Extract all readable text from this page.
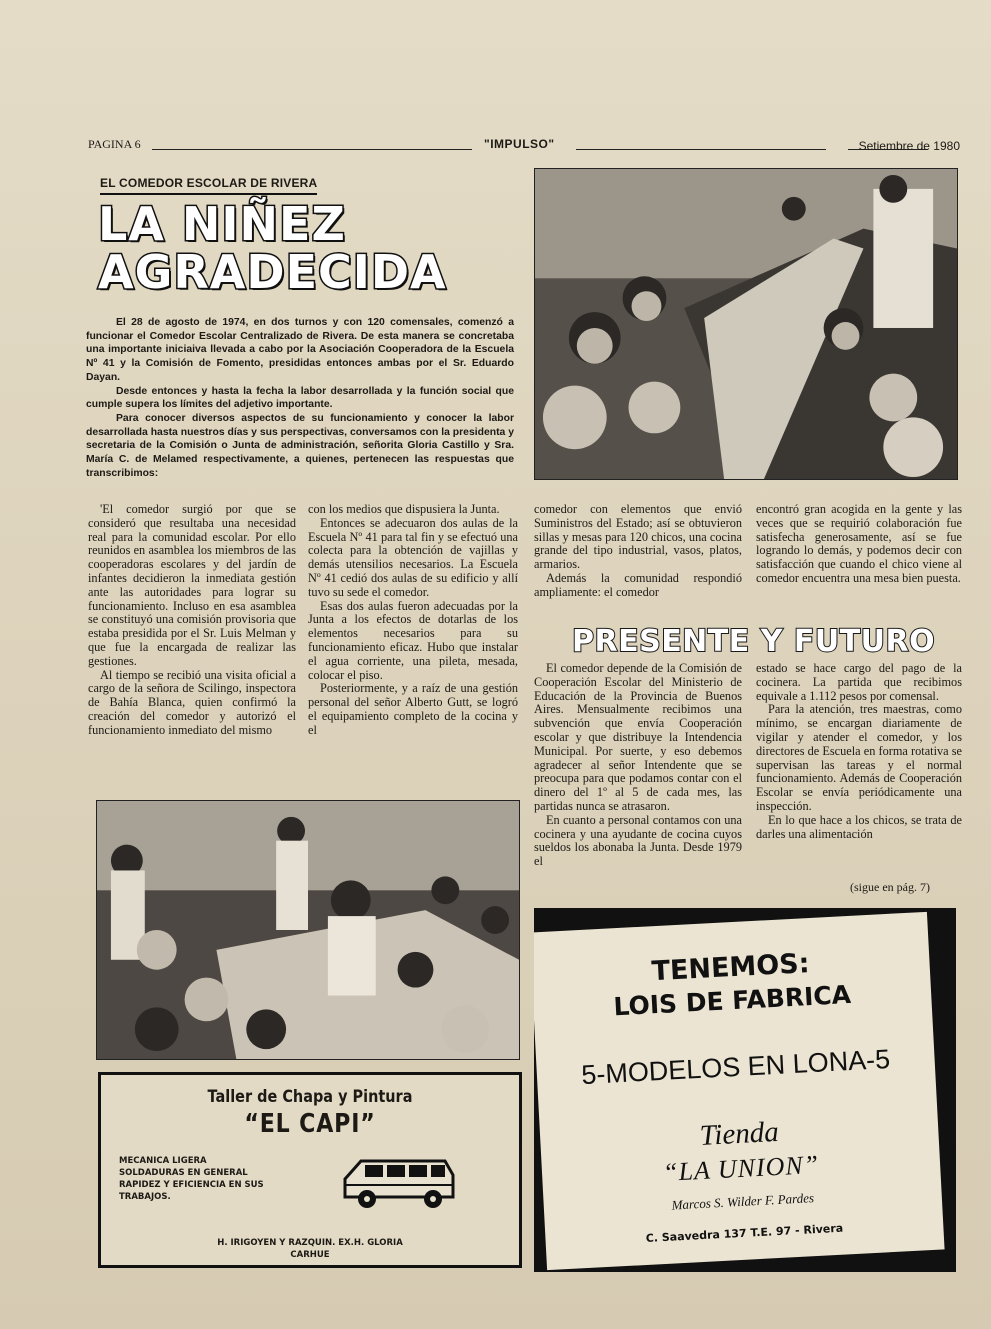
PAGINA 6	"IMPULSO"	Setiembre de 1980
EL COMEDOR ESCOLAR DE RIVERA
LA NIÑEZ
AGRADECIDA

El 28 de agosto de 1974, en dos turnos y con 120 comensales, comenzó a funcionar el Comedor Escolar Centralizado de Rivera. De esta manera se concretaba una importante iniciaiva llevada a cabo por la Asociación Cooperadora de la Escuela Nº 41 y la Comisión de Fomento, presididas entonces ambas por el Sr. Eduardo Dayan.

Desde entonces y hasta la fecha la labor desarrollada y la función social que cumple supera los límites del adjetivo importante.

Para conocer diversos aspectos de su funcionamiento y conocer la labor desarrollada hasta nuestros días y sus perspectivas, conversamos con la presidenta y secretaria de la Comisión o Junta de administración, señorita Gloria Castillo y Sra. María C. de Melamed respectivamente, a quienes, pertenecen las respuestas que transcribimos:

'El comedor surgió por que se consideró que resultaba una necesidad real para la comunidad escolar. Por ello reunidos en asamblea los miembros de las cooperadoras escolares y del jardín de infantes decidieron la inmediata gestión ante las autoridades para lograr su funcionamiento. Incluso en esa asamblea se constituyó una comisión provisoria que estaba presidida por el Sr. Luis Melman y que fue la encargada de realizar las gestiones.

Al tiempo se recibió una visita oficial a cargo de la señora de Scilingo, inspectora de Bahía Blanca, quien confirmó la creación del comedor y autorizó el funcionamiento inmediato del mismo

con los medios que dispusiera la Junta.

Entonces se adecuaron dos aulas de la Escuela Nº 41 para tal fin y se efectuó una colecta para la obtención de vajillas y demás utensilios necesarios. La Escuela Nº 41 cedió dos aulas de su edificio y allí tuvo su sede el comedor.

Esas dos aulas fueron adecuadas por la Junta a los efectos de dotarlas de los elementos necesarios para su funcionamiento eficaz. Hubo que instalar el agua corriente, una pileta, mesada, colocar el piso.

Posteriormente, y a raíz de una gestión personal del señor Alberto Gutt, se logró el equipamiento completo de la cocina y el

comedor con elementos que envió Suministros del Estado; así se obtuvieron sillas y mesas para 120 chicos, una cocina grande del tipo industrial, vasos, platos, armarios.

Además la comunidad respondió ampliamente: el comedor

encontró gran acogida en la gente y las veces que se requirió colaboración fue satisfecha generosamente, así se fue logrando lo demás, y podemos decir con satisfacción que cuando el chico viene al comedor encuentra una mesa bien puesta.

PRESENTE Y FUTURO

El comedor depende de la Comisión de Cooperación Escolar del Ministerio de Educación de la Provincia de Buenos Aires. Mensualmente recibimos una subvención que envía Cooperación escolar y que distribuye la Intendencia Municipal. Por suerte, y eso debemos agradecer al señor Intendente que se preocupa para que podamos contar con el dinero del 1º al 5 de cada mes, las partidas nunca se atrasaron.

En cuanto a personal contamos con una cocinera y una ayudante de cocina cuyos sueldos los abonaba la Junta. Desde 1979 el

estado se hace cargo del pago de la cocinera. La partida que recibimos equivale a 1.112 pesos por comensal.

Para la atención, tres maestras, como mínimo, se encargan diariamente de vigilar y atender el comedor, y los directores de Escuela en forma rotativa se supervisan las tareas y el normal funcionamiento. Además de Cooperación Escolar se envía periódicamente una inspección.

En lo que hace a los chicos, se trata de darles una alimentación

(sigue en pág. 7)
Taller de Chapa y Pintura
“EL CAPI”
MECANICA LIGERA
SOLDADURAS EN GENERAL
RAPIDEZ Y EFICIENCIA EN SUS
TRABAJOS.
H. IRIGOYEN Y RAZQUIN. EX.H. GLORIA
CARHUE
TENEMOS:
LOIS DE FABRICA
5-MODELOS EN LONA-5
Tienda
“LA UNION”
Marcos S. Wilder F. Pardes
C. Saavedra 137 T.E. 97 - Rivera
